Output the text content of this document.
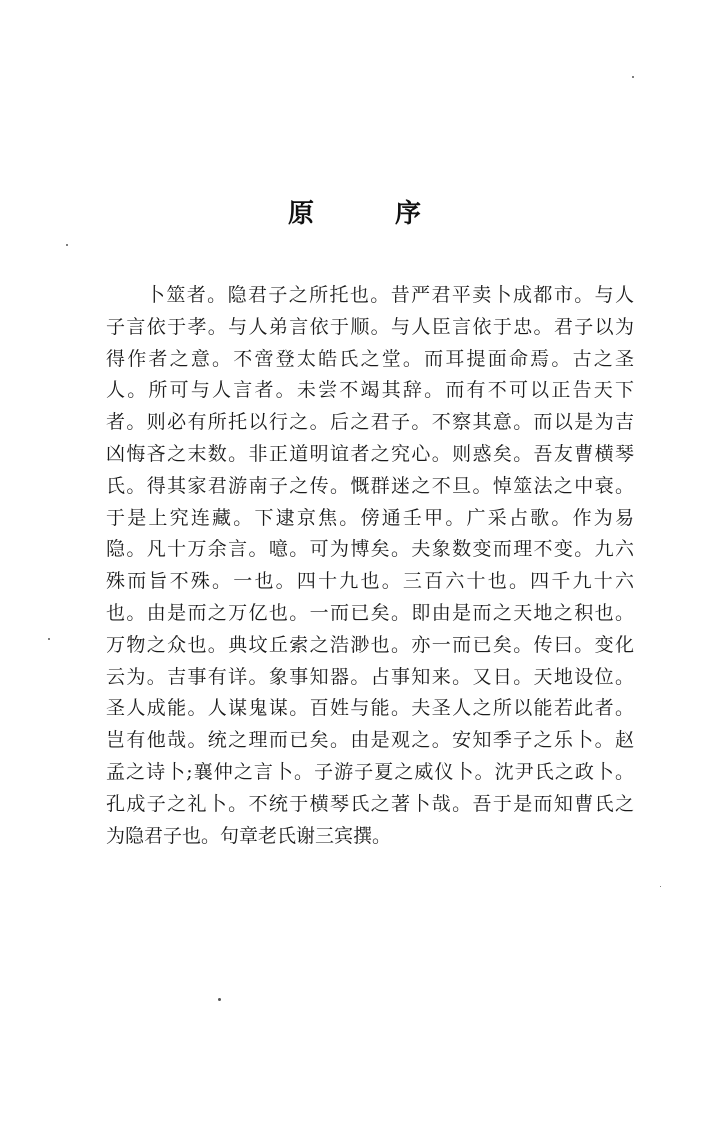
原 序
卜筮者。隐君子之所托也。昔严君平卖卜成都市。与人
子言依于孝。与人弟言依于顺。与人臣言依于忠。君子以为
得作者之意。不啻登太皓氏之堂。而耳提面命焉。古之圣
人。所可与人言者。未尝不竭其辞。而有不可以正告天下
者。则必有所托以行之。后之君子。不察其意。而以是为吉
凶悔吝之末数。非正道明谊者之究心。则惑矣。吾友曹横琴
氏。得其家君游南子之传。慨群迷之不旦。悼筮法之中衰。
于是上究连藏。下逮京焦。傍通壬甲。广采占歌。作为易
隐。凡十万余言。噫。可为博矣。夫象数变而理不变。九六
殊而旨不殊。一也。四十九也。三百六十也。四千九十六
也。由是而之万亿也。一而已矣。即由是而之天地之积也。
万物之众也。典坟丘索之浩渺也。亦一而已矣。传曰。变化
云为。吉事有详。象事知器。占事知来。又日。天地设位。
圣人成能。人谋鬼谋。百姓与能。夫圣人之所以能若此者。
岂有他哉。统之理而已矣。由是观之。安知季子之乐卜。赵
孟之诗卜;襄仲之言卜。子游子夏之威仪卜。沈尹氏之政卜。
孔成子之礼卜。不统于横琴氏之著卜哉。吾于是而知曹氏之
为隐君子也。句章老氏谢三宾撰。
